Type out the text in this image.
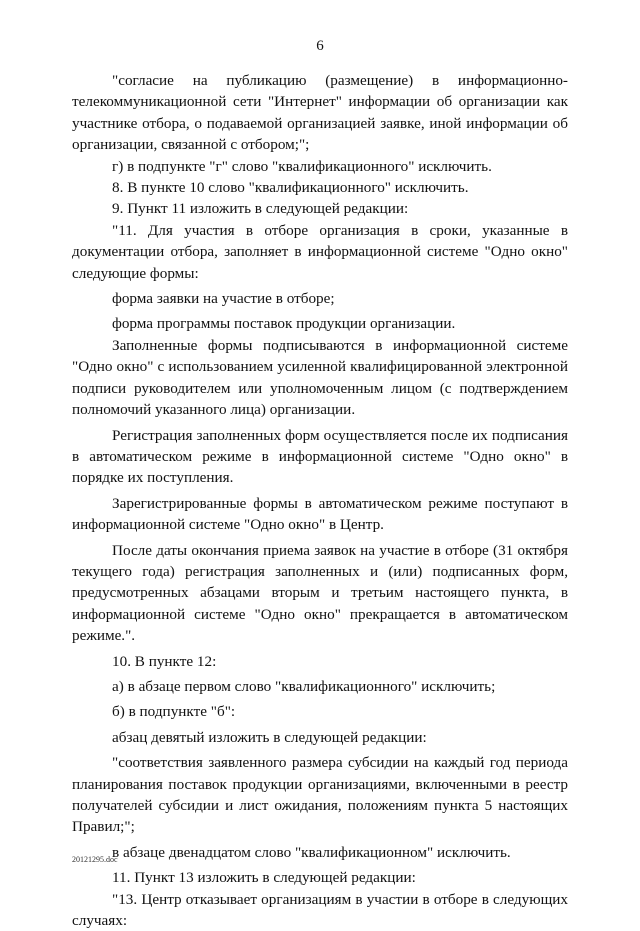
6

"согласие на публикацию (размещение) в информационно-телекоммуникационной сети "Интернет" информации об организации как участнике отбора, о подаваемой организацией заявке, иной информации об организации, связанной с отбором;";

г) в подпункте "г" слово "квалификационного" исключить.

8. В пункте 10 слово "квалификационного" исключить.

9. Пункт 11 изложить в следующей редакции:

"11. Для участия в отборе организация в сроки, указанные в документации отбора, заполняет в информационной системе "Одно окно" следующие формы:

форма заявки на участие в отборе;

форма программы поставок продукции организации.

Заполненные формы подписываются в информационной системе "Одно окно" с использованием усиленной квалифицированной электронной подписи руководителем или уполномоченным лицом (с подтверждением полномочий указанного лица) организации.

Регистрация заполненных форм осуществляется после их подписания в автоматическом режиме в информационной системе "Одно окно" в порядке их поступления.

Зарегистрированные формы в автоматическом режиме поступают в информационной системе "Одно окно" в Центр.

После даты окончания приема заявок на участие в отборе (31 октября текущего года) регистрация заполненных и (или) подписанных форм, предусмотренных абзацами вторым и третьим настоящего пункта, в информационной системе "Одно окно" прекращается в автоматическом режиме.".

10. В пункте 12:

а) в абзаце первом слово "квалификационного" исключить;

б) в подпункте "б":

абзац девятый изложить в следующей редакции:

"соответствия заявленного размера субсидии на каждый год периода планирования поставок продукции организациями, включенными в реестр получателей субсидии и лист ожидания, положениям пункта 5 настоящих Правил;";

в абзаце двенадцатом слово "квалификационном" исключить.

11. Пункт 13 изложить в следующей редакции:

"13. Центр отказывает организациям в участии в отборе в следующих случаях:

20121295.doc
